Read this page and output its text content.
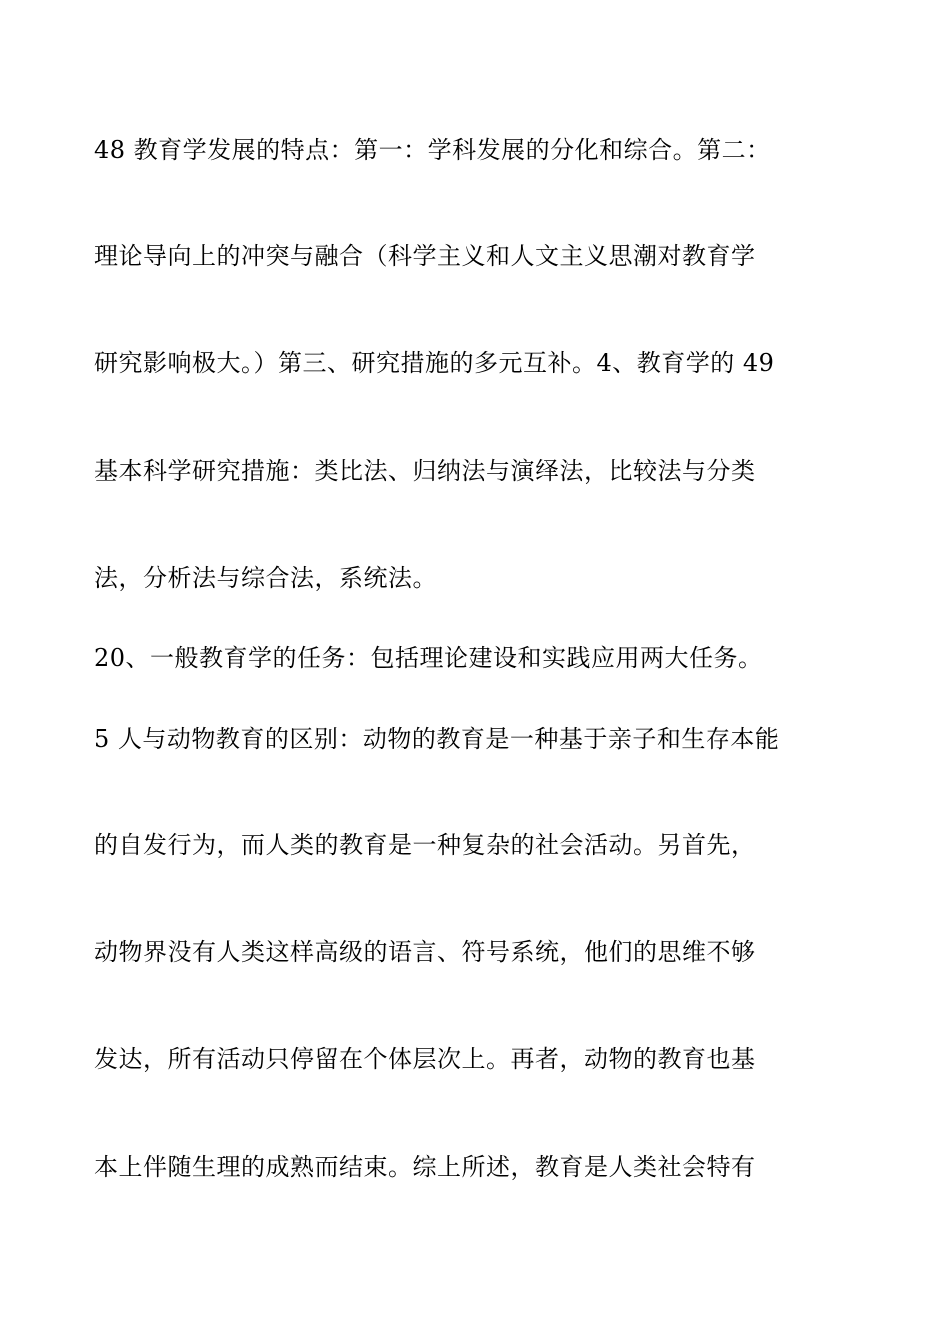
48 教育学发展的特点：第一：学科发展的分化和综合。第二：
理论导向上的冲突与融合（科学主义和人文主义思潮对教育学
研究影响极大。）第三、研究措施的多元互补。4、教育学的 49
基本科学研究措施：类比法、归纳法与演绎法，比较法与分类
法，分析法与综合法，系统法。
20、一般教育学的任务：包括理论建设和实践应用两大任务。
5 人与动物教育的区别：动物的教育是一种基于亲子和生存本能
的自发行为，而人类的教育是一种复杂的社会活动。另首先，
动物界没有人类这样高级的语言、符号系统，他们的思维不够
发达，所有活动只停留在个体层次上。再者，动物的教育也基
本上伴随生理的成熟而结束。综上所述，教育是人类社会特有
